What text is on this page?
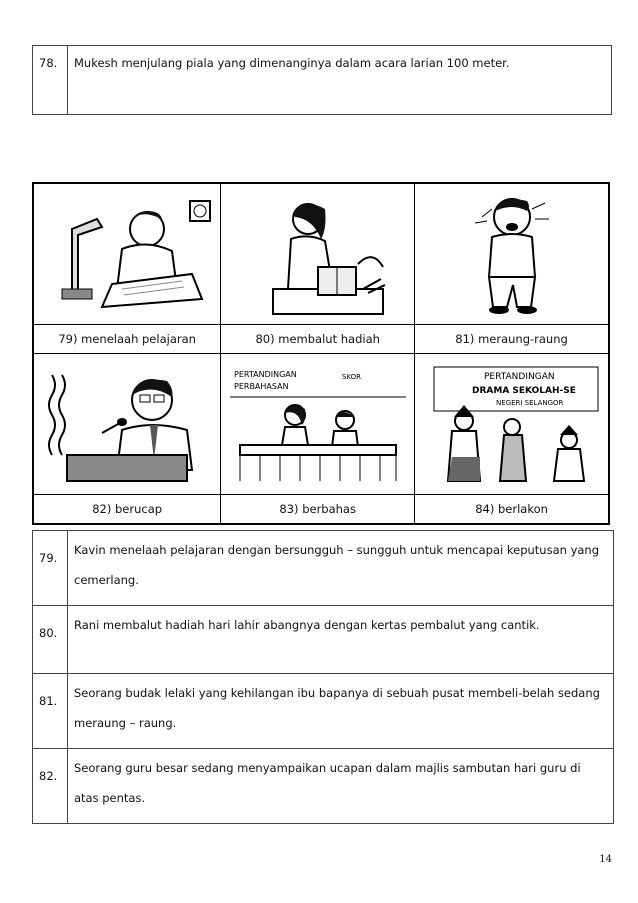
78.	Mukesh menjulang piala yang dimenanginya dalam acara larian 100 meter.

79) menelaah pelajaran	80) membalut hadiah	81) meraung-raung

PERTANDINGAN
PERBAHASAN
SKOR	PERTANDINGAN
DRAMA SEKOLAH-SE
NEGERI SELANGOR

82) berucap	83) berbahas	84) berlakon
79.	Kavin menelaah pelajaran dengan bersungguh – sungguh untuk mencapai keputusan yang cemerlang.
80.	Rani membalut hadiah hari lahir abangnya dengan kertas pembalut yang cantik.
81.	Seorang budak lelaki yang kehilangan ibu bapanya di sebuah pusat membeli-belah sedang meraung – raung.
82.	Seorang guru besar sedang menyampaikan ucapan dalam majlis sambutan hari guru di atas pentas.
14
